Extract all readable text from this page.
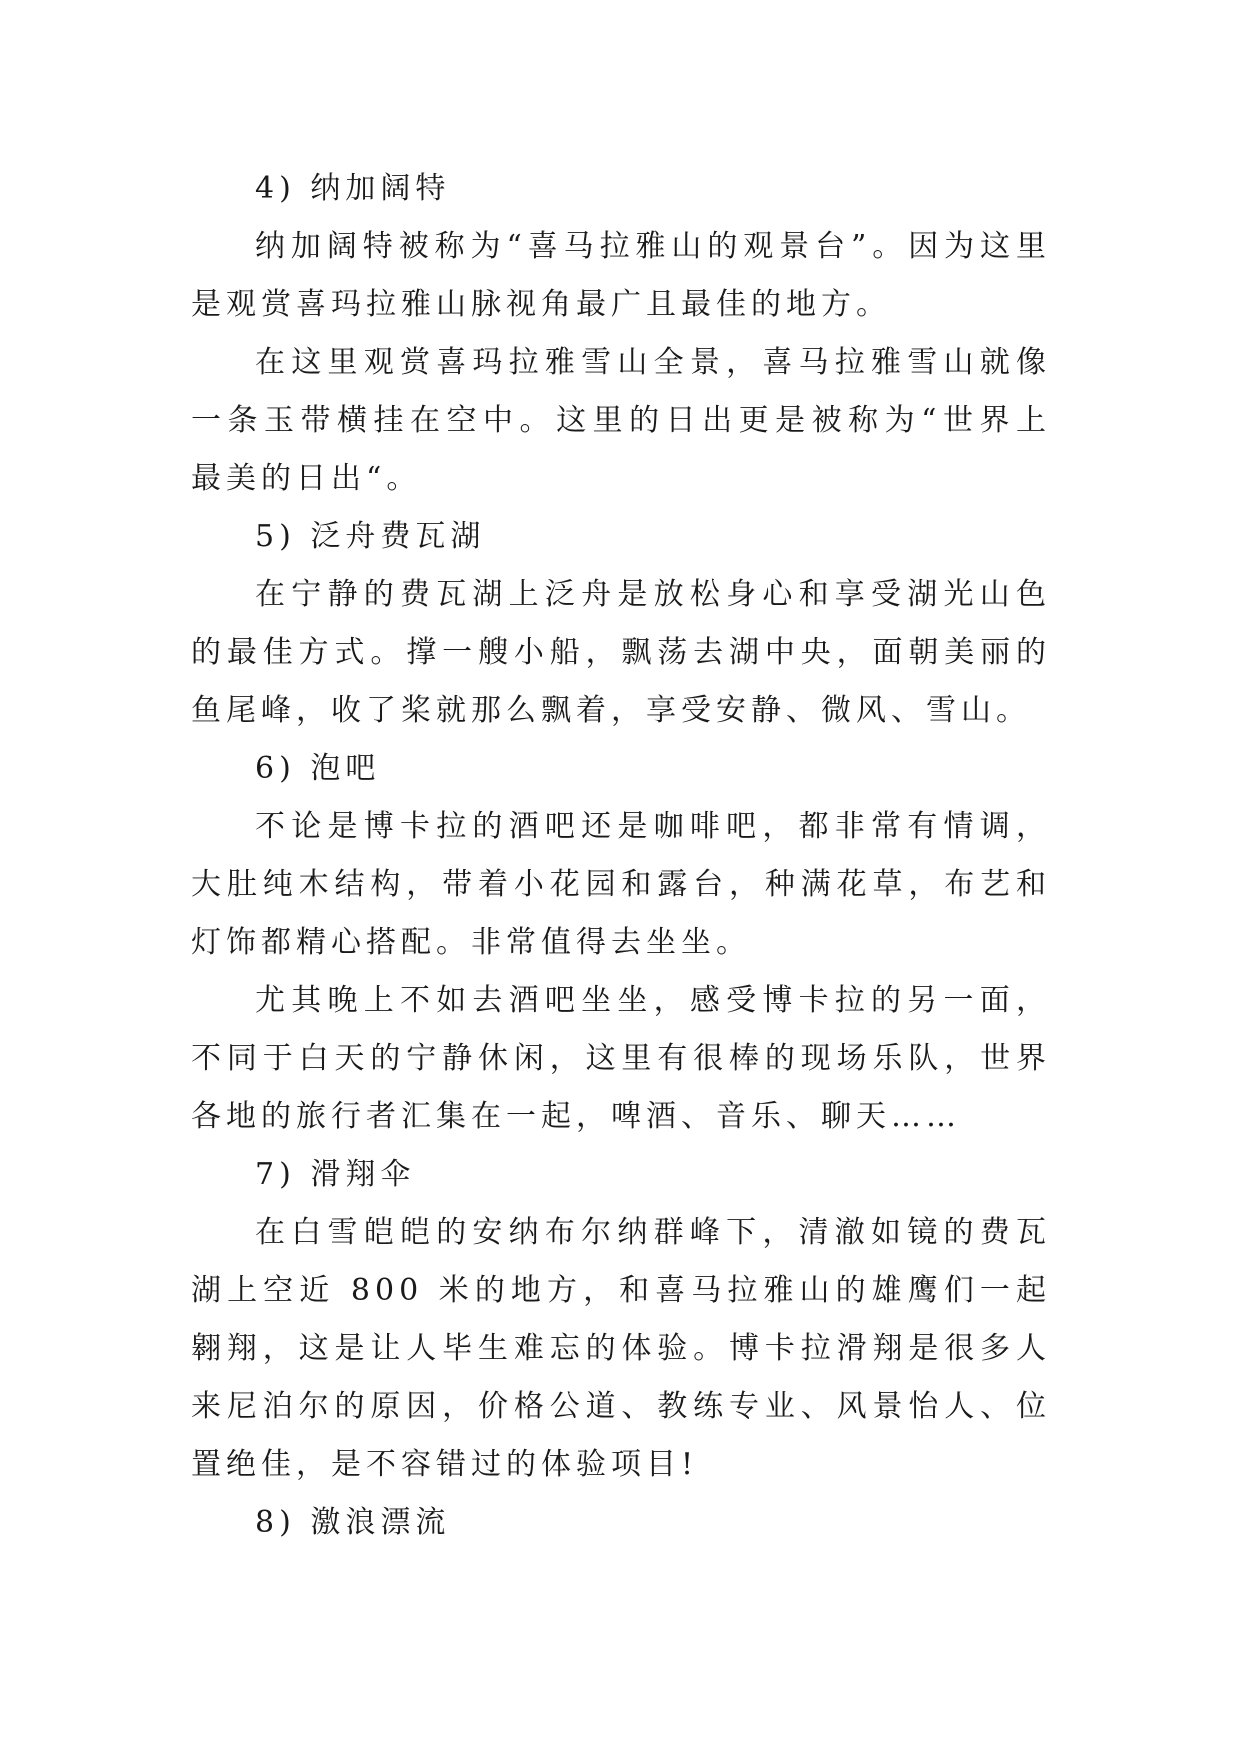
4) 纳加阔特

纳加阔特被称为“喜马拉雅山的观景台”。因为这里是观赏喜玛拉雅山脉视角最广且最佳的地方。

在这里观赏喜玛拉雅雪山全景，喜马拉雅雪山就像一条玉带横挂在空中。这里的日出更是被称为“世界上最美的日出“。

5) 泛舟费瓦湖

在宁静的费瓦湖上泛舟是放松身心和享受湖光山色的最佳方式。撑一艘小船，飘荡去湖中央，面朝美丽的鱼尾峰，收了桨就那么飘着，享受安静、微风、雪山。

6) 泡吧

不论是博卡拉的酒吧还是咖啡吧，都非常有情调，大肚纯木结构，带着小花园和露台，种满花草，布艺和灯饰都精心搭配。非常值得去坐坐。

尤其晚上不如去酒吧坐坐，感受博卡拉的另一面，不同于白天的宁静休闲，这里有很棒的现场乐队，世界各地的旅行者汇集在一起，啤酒、音乐、聊天……

7) 滑翔伞

在白雪皑皑的安纳布尔纳群峰下，清澈如镜的费瓦湖上空近 800 米的地方，和喜马拉雅山的雄鹰们一起翱翔，这是让人毕生难忘的体验。博卡拉滑翔是很多人来尼泊尔的原因，价格公道、教练专业、风景怡人、位置绝佳，是不容错过的体验项目!

8) 激浪漂流
